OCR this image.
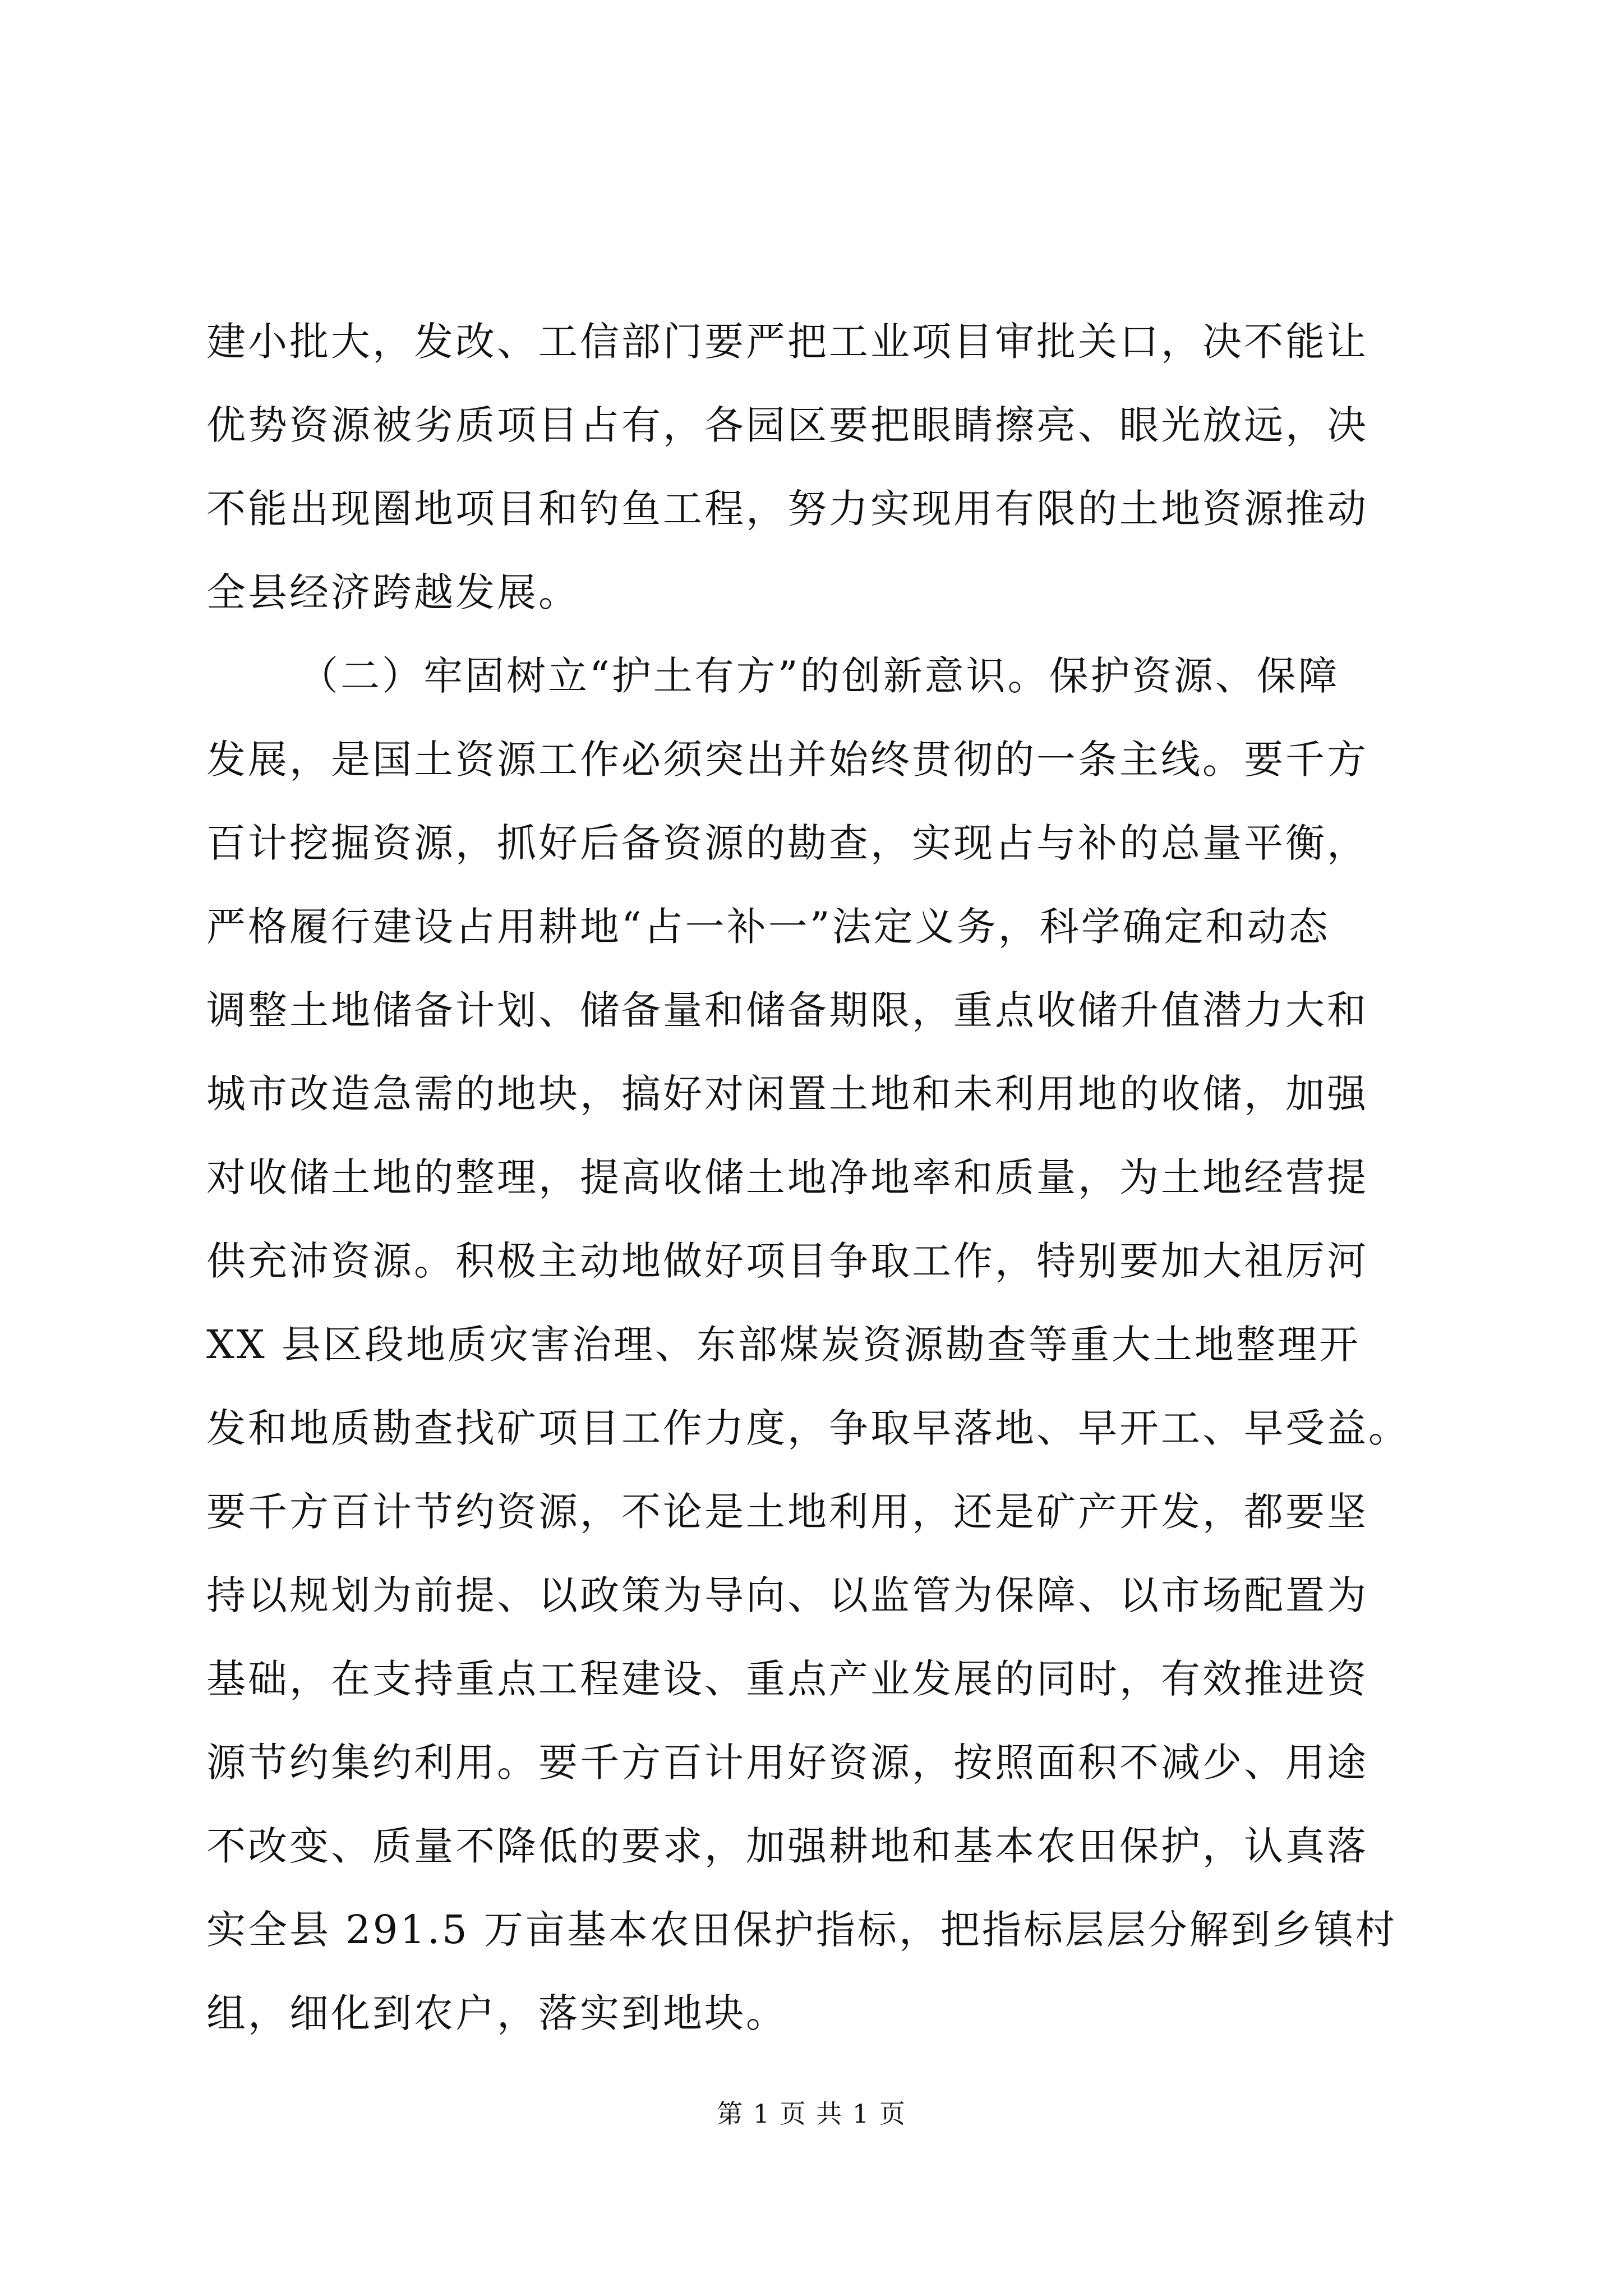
建小批大，发改、工信部门要严把工业项目审批关口，决不能让
优势资源被劣质项目占有，各园区要把眼睛擦亮、眼光放远，决
不能出现圈地项目和钓鱼工程，努力实现用有限的土地资源推动
全县经济跨越发展。
（二）牢固树立“护土有方”的创新意识。保护资源、保障
发展，是国土资源工作必须突出并始终贯彻的一条主线。要千方
百计挖掘资源，抓好后备资源的勘查，实现占与补的总量平衡，
严格履行建设占用耕地“占一补一”法定义务，科学确定和动态
调整土地储备计划、储备量和储备期限，重点收储升值潜力大和
城市改造急需的地块，搞好对闲置土地和未利用地的收储，加强
对收储土地的整理，提高收储土地净地率和质量，为土地经营提
供充沛资源。积极主动地做好项目争取工作，特别要加大祖厉河
XX 县区段地质灾害治理、东部煤炭资源勘查等重大土地整理开
发和地质勘查找矿项目工作力度，争取早落地、早开工、早受益。
要千方百计节约资源，不论是土地利用，还是矿产开发，都要坚
持以规划为前提、以政策为导向、以监管为保障、以市场配置为
基础，在支持重点工程建设、重点产业发展的同时，有效推进资
源节约集约利用。要千方百计用好资源，按照面积不减少、用途
不改变、质量不降低的要求，加强耕地和基本农田保护，认真落
实全县 291.5 万亩基本农田保护指标，把指标层层分解到乡镇村
组，细化到农户，落实到地块。
第 1 页 共 1 页
